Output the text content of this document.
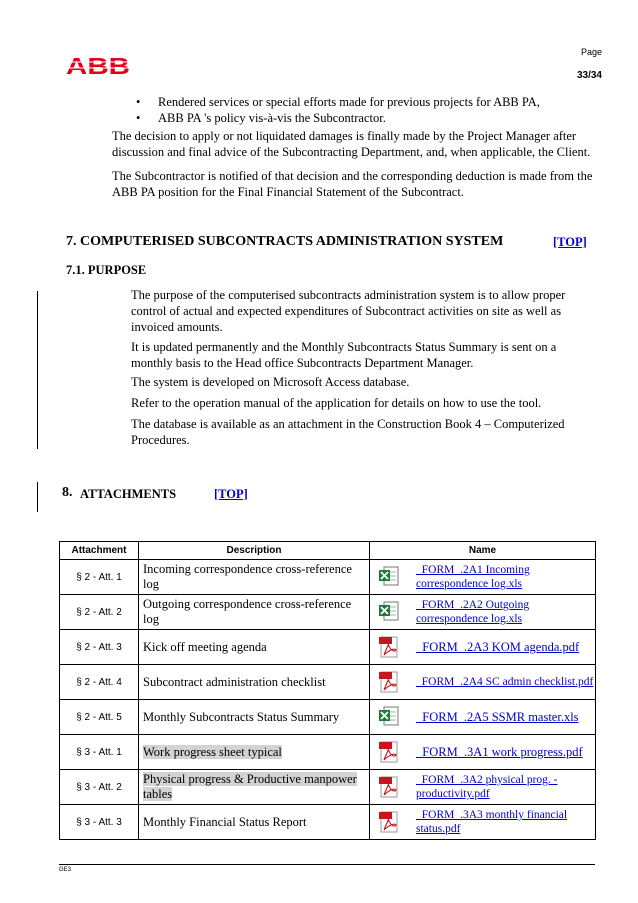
Page
33/34
ABB
• Rendered services or special efforts made for previous projects for ABB PA,
• ABB PA 's policy vis-à-vis the Subcontractor.

The decision to apply or not liquidated damages is finally made by the Project Manager after discussion and final advice of the Subcontracting Department, and, when applicable, the Client.

The Subcontractor is notified of that decision and the corresponding deduction is made from the ABB PA position for the Final Financial Statement of the Subcontract.

7. COMPUTERISED SUBCONTRACTS ADMINISTRATION SYSTEM	[TOP]
7.1. PURPOSE

The purpose of the computerised subcontracts administration system is to allow proper control of actual and expected expenditures of Subcontract activities on site as well as invoiced amounts.

It is updated permanently and the Monthly Subcontracts Status Summary is sent on a monthly basis to the Head office Subcontracts Department Manager.

The system is developed on Microsoft Access database.

Refer to the operation manual of the application for details on how to use the tool.

The database is available as an attachment in the Construction Book 4 – Computerized Procedures.

8. ATTACHMENTS	[TOP]
Attachment	Description	Name
§ 2 - Att. 1	Incoming correspondence cross-reference log	_FORM_.2A1 Incoming correspondence log.xls

§ 2 - Att. 2	Outgoing correspondence cross-reference log	_FORM_.2A2 Outgoing correspondence log.xls

§ 2 - Att. 3	Kick off meeting agenda	_FORM_.2A3 KOM agenda.pdf

§ 2 - Att. 4	Subcontract administration checklist	_FORM_.2A4 SC admin checklist.pdf

§ 2 - Att. 5	Monthly Subcontracts Status Summary	_FORM_.2A5 SSMR master.xls

§ 3 - Att. 1	Work progress sheet typical	_FORM_.3A1 work progress.pdf

§ 3 - Att. 2	Physical progress & Productive manpower tables	_FORM_.3A2 physical prog. - productivity.pdf

§ 3 - Att. 3	Monthly Financial Status Report	_FORM_.3A3 monthly financial status.pdf
GE3
